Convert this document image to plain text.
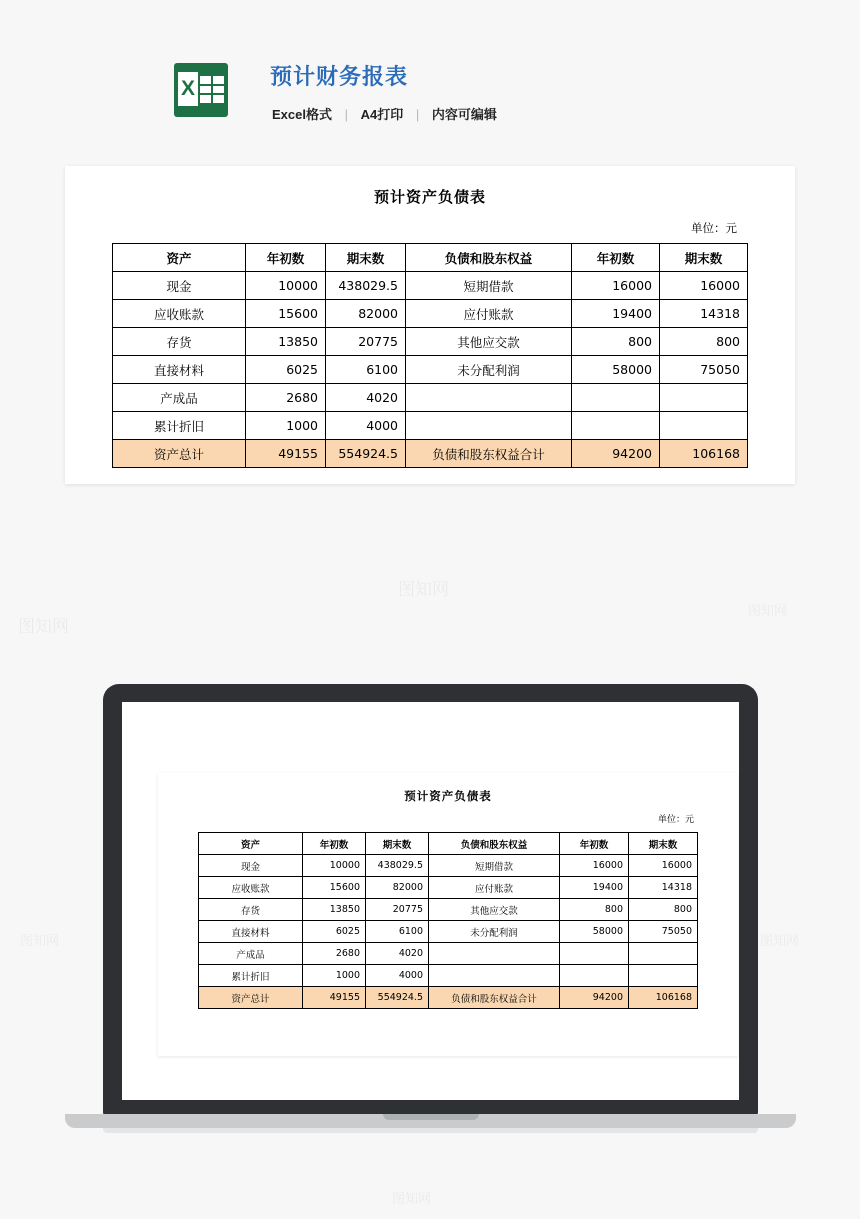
X	预计财务报表
Excel格式 | A4打印 | 内容可编辑
预计资产负债表
单位：元
资产	年初数	期末数	负债和股东权益	年初数	期末数
现金	10000	438029.5	短期借款	16000	16000
应收账款	15600	82000	应付账款	19400	14318
存货	13850	20775	其他应交款	800	800
直接材料	6025	6100	未分配利润	58000	75050
产成品	2680	4020			
累计折旧	1000	4000			
资产总计	49155	554924.5	负债和股东权益合计	94200	106168
图知网
图知网
图知网
图知网
图知网
图知网
预计资产负债表
单位：元
资产	年初数	期末数	负债和股东权益	年初数	期末数
现金	10000	438029.5	短期借款	16000	16000
应收账款	15600	82000	应付账款	19400	14318
存货	13850	20775	其他应交款	800	800
直接材料	6025	6100	未分配利润	58000	75050
产成品	2680	4020			
累计折旧	1000	4000			
资产总计	49155	554924.5	负债和股东权益合计	94200	106168
